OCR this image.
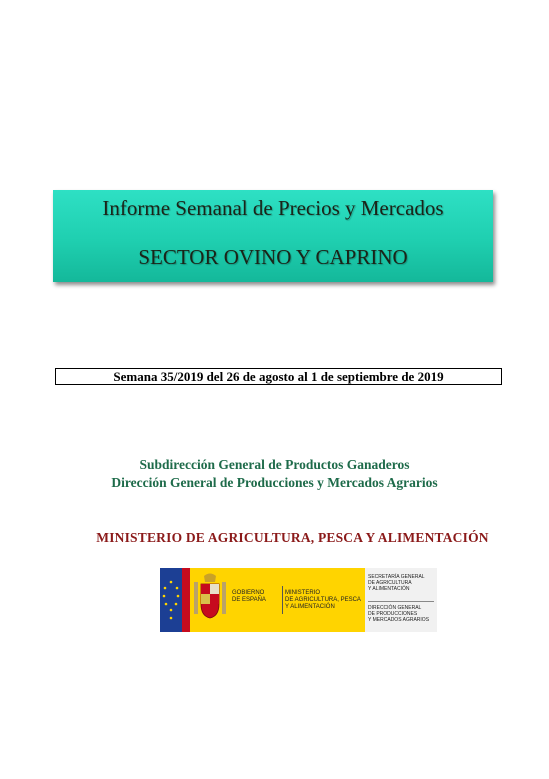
Informe Semanal de Precios y Mercados
SECTOR OVINO Y CAPRINO
Semana 35/2019 del 26 de agosto al 1 de septiembre de 2019
Subdirección General de Productos Ganaderos
Dirección General de Producciones y Mercados Agrarios
MINISTERIO DE AGRICULTURA, PESCA Y ALIMENTACIÓN
GOBIERNO
DE ESPAÑA
MINISTERIO
DE AGRICULTURA, PESCA
Y ALIMENTACIÓN
SECRETARÍA GENERAL
DE AGRICULTURA
Y ALIMENTACIÓN
DIRECCIÓN GENERAL
DE PRODUCCIONES
Y MERCADOS AGRARIOS
